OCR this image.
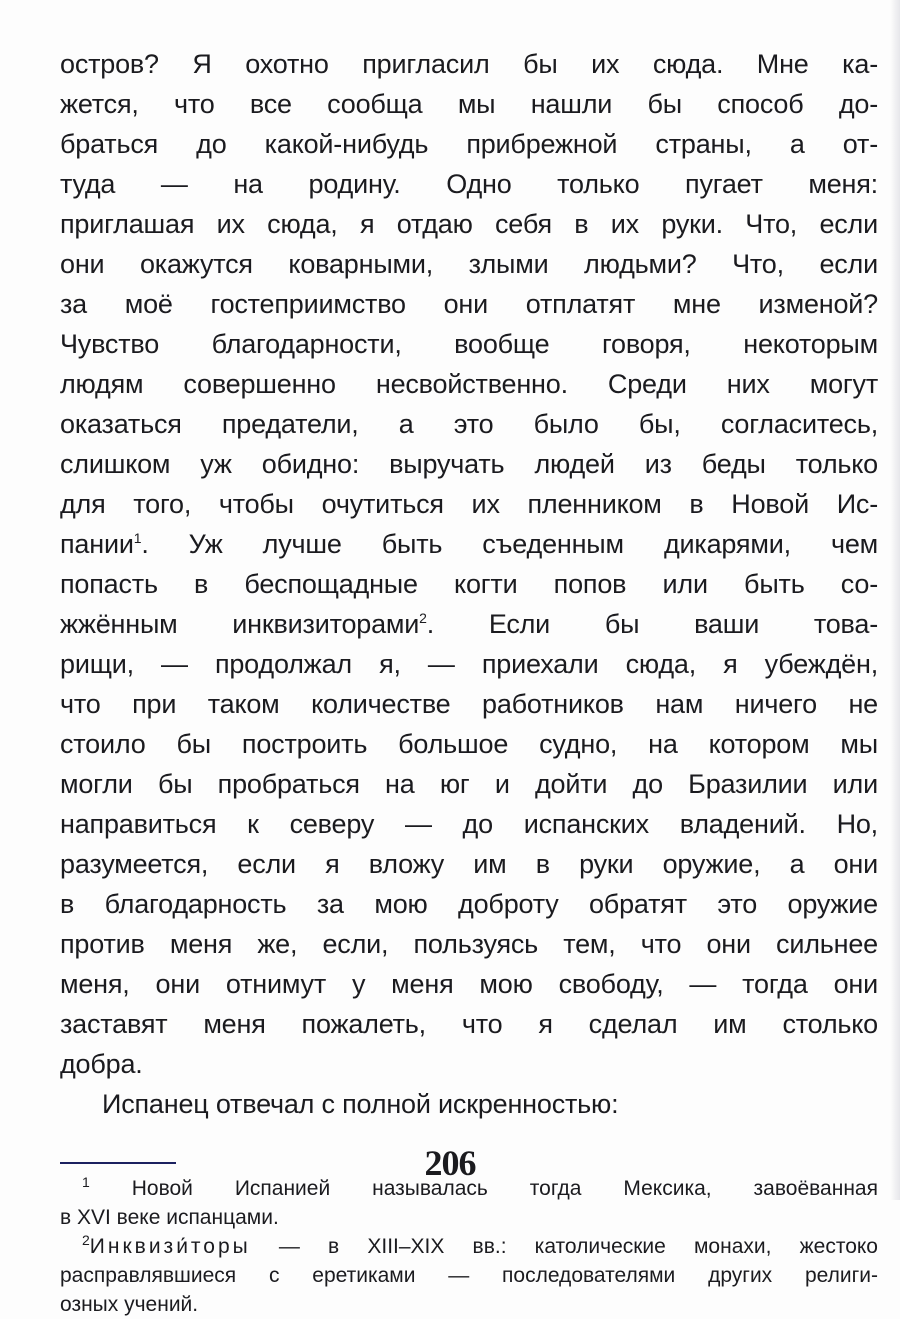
остров? Я охотно пригласил бы их сюда. Мне ка-
жется, что все сообща мы нашли бы способ до-
браться до какой-нибудь прибрежной страны, а от-
туда — на родину. Одно только пугает меня:
приглашая их сюда, я отдаю себя в их руки. Что, если
они окажутся коварными, злыми людьми? Что, если
за моё гостеприимство они отплатят мне изменой?
Чувство благодарности, вообще говоря, некоторым
людям совершенно несвойственно. Среди них могут
оказаться предатели, а это было бы, согласитесь,
слишком уж обидно: выручать людей из беды только
для того, чтобы очутиться их пленником в Новой Ис-
пании$^1$. Уж лучше быть съеденным дикарями, чем
попасть в беспощадные когти попов или быть со-
жжённым инквизиторами$^2$. Если бы ваши това-
рищи, — продолжал я, — приехали сюда, я убеждён,
что при таком количестве работников нам ничего не
стоило бы построить большое судно, на котором мы
могли бы пробраться на юг и дойти до Бразилии или
направиться к северу — до испанских владений. Но,
разумеется, если я вложу им в руки оружие, а они
в благодарность за мою доброту обратят это оружие
против меня же, если, пользуясь тем, что они сильнее
меня, они отнимут у меня мою свободу, — тогда они
заставят меня пожалеть, что я сделал им столько
добра.
Испанец отвечал с полной искренностью:
$^1$ Новой Испанией называлась тогда Мексика, завоёванная
в XVI веке испанцами.
$^2$Инквизи́торы — в XIII–XIX вв.: католические монахи, жестоко
расправлявшиеся с еретиками — последователями других религи-
озных учений.
206
